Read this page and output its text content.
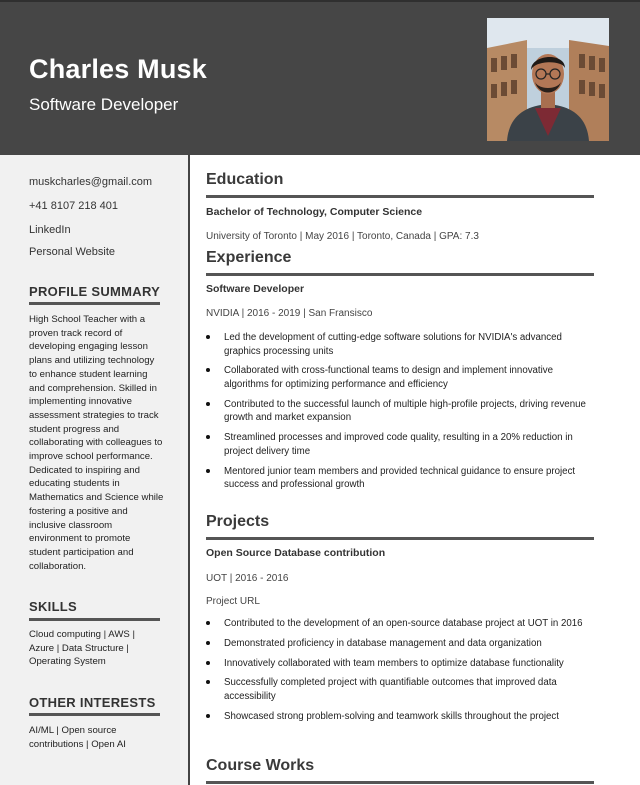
Charles Musk
Software Developer
muskcharles@gmail.com
+41 8107 218 401
LinkedIn
Personal Website
PROFILE SUMMARY
High School Teacher with a proven track record of developing engaging lesson plans and utilizing technology to enhance student learning and comprehension. Skilled in implementing innovative assessment strategies to track student progress and collaborating with colleagues to improve school performance. Dedicated to inspiring and educating students in Mathematics and Science while fostering a positive and inclusive classroom environment to promote student participation and collaboration.
SKILLS
Cloud computing | AWS | Azure | Data Structure | Operating System
OTHER INTERESTS
AI/ML | Open source contributions | Open AI
Education
Bachelor of Technology, Computer Science
University of Toronto | May 2016 | Toronto, Canada | GPA: 7.3
Experience
Software Developer
NVIDIA | 2016 - 2019 | San Fransisco
Led the development of cutting-edge software solutions for NVIDIA's advanced graphics processing units
Collaborated with cross-functional teams to design and implement innovative algorithms for optimizing performance and efficiency
Contributed to the successful launch of multiple high-profile projects, driving revenue growth and market expansion
Streamlined processes and improved code quality, resulting in a 20% reduction in project delivery time
Mentored junior team members and provided technical guidance to ensure project success and professional growth
Projects
Open Source Database contribution
UOT | 2016 - 2016
Project URL
Contributed to the development of an open-source database project at UOT in 2016
Demonstrated proficiency in database management and data organization
Innovatively collaborated with team members to optimize database functionality
Successfully completed project with quantifiable outcomes that improved data accessibility
Showcased strong problem-solving and teamwork skills throughout the project
Course Works
